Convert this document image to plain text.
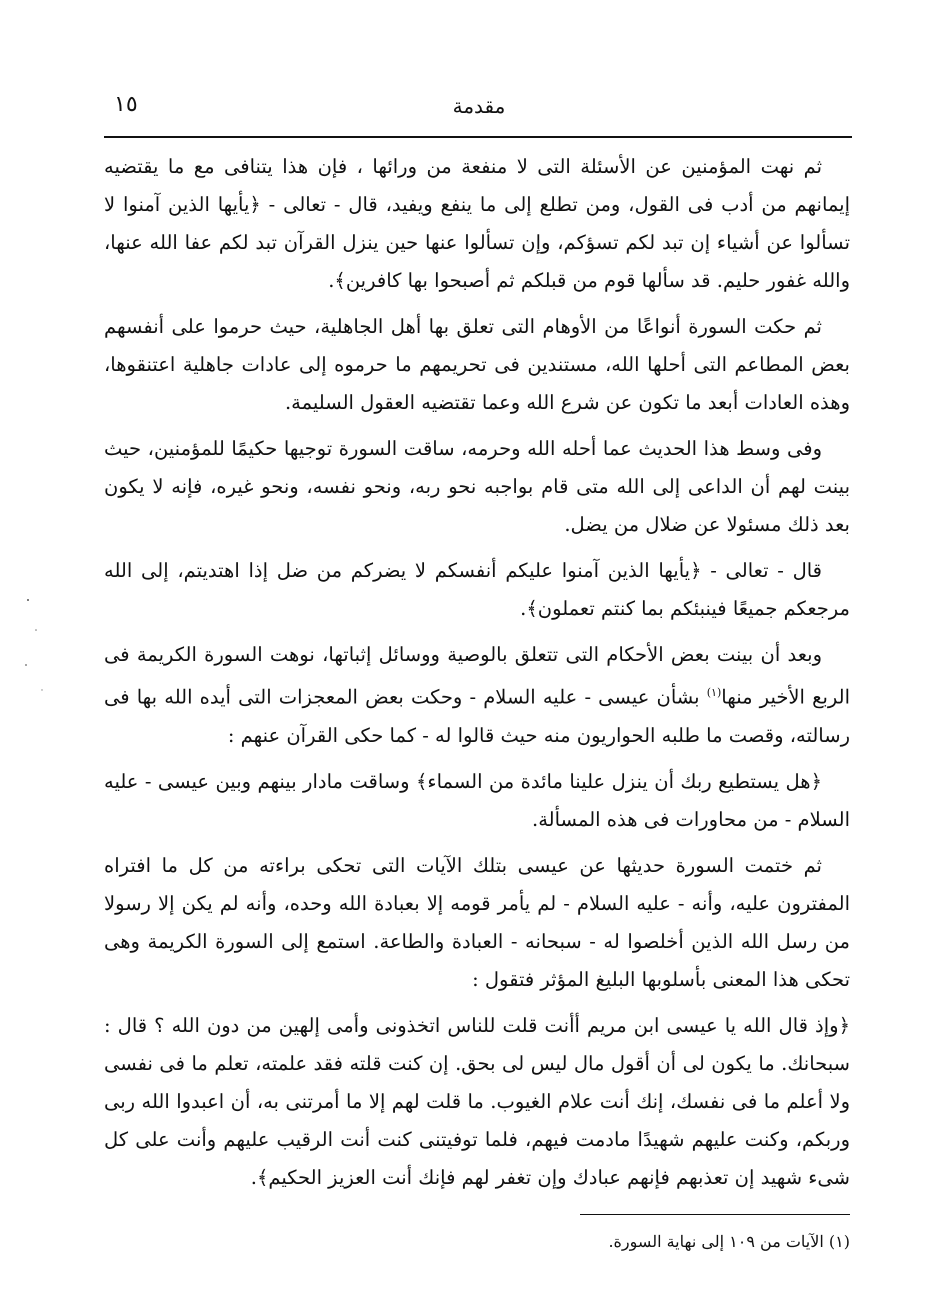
١٥	مقدمة

ثم نهت المؤمنين عن الأسئلة التى لا منفعة من ورائها ، فإن هذا يتنافى مع ما يقتضيه إيمانهم من أدب فى القول، ومن تطلع إلى ما ينفع ويفيد، قال - تعالى - ﴿يأيها الذين آمنوا لا تسألوا عن أشياء إن تبد لكم تسؤكم، وإن تسألوا عنها حين ينزل القرآن تبد لكم عفا الله عنها، والله غفور حليم. قد سألها قوم من قبلكم ثم أصبحوا بها كافرين﴾.

ثم حكت السورة أنواعًا من الأوهام التى تعلق بها أهل الجاهلية، حيث حرموا على أنفسهم بعض المطاعم التى أحلها الله، مستندين فى تحريمهم ما حرموه إلى عادات جاهلية اعتنقوها، وهذه العادات أبعد ما تكون عن شرع الله وعما تقتضيه العقول السليمة.

وفى وسط هذا الحديث عما أحله الله وحرمه، ساقت السورة توجيها حكيمًا للمؤمنين، حيث بينت لهم أن الداعى إلى الله متى قام بواجبه نحو ربه، ونحو نفسه، ونحو غيره، فإنه لا يكون بعد ذلك مسئولا عن ضلال من يضل.

قال - تعالى - ﴿يأيها الذين آمنوا عليكم أنفسكم لا يضركم من ضل إذا اهتديتم، إلى الله مرجعكم جميعًا فينبئكم بما كنتم تعملون﴾.

وبعد أن بينت بعض الأحكام التى تتعلق بالوصية ووسائل إثباتها، نوهت السورة الكريمة فى الربع الأخير منها$^{(١)}$ بشأن عيسى - عليه السلام - وحكت بعض المعجزات التى أيده الله بها فى رسالته، وقصت ما طلبه الحواريون منه حيث قالوا له - كما حكى القرآن عنهم :

﴿هل يستطيع ربك أن ينزل علينا مائدة من السماء﴾ وساقت مادار بينهم وبين عيسى - عليه السلام - من محاورات فى هذه المسألة.

ثم ختمت السورة حديثها عن عيسى بتلك الآيات التى تحكى براءته من كل ما افتراه المفترون عليه، وأنه - عليه السلام - لم يأمر قومه إلا بعبادة الله وحده، وأنه لم يكن إلا رسولا من رسل الله الذين أخلصوا له - سبحانه - العبادة والطاعة. استمع إلى السورة الكريمة وهى تحكى هذا المعنى بأسلوبها البليغ المؤثر فتقول :

﴿وإذ قال الله يا عيسى ابن مريم أأنت قلت للناس اتخذونى وأمى إلهين من دون الله ؟ قال : سبحانك. ما يكون لى أن أقول مال ليس لى بحق. إن كنت قلته فقد علمته، تعلم ما فى نفسى ولا أعلم ما فى نفسك، إنك أنت علام الغيوب. ما قلت لهم إلا ما أمرتنى به، أن اعبدوا الله ربى وربكم، وكنت عليهم شهيدًا مادمت فيهم، فلما توفيتنى كنت أنت الرقيب عليهم وأنت على كل شىء شهيد إن تعذبهم فإنهم عبادك وإن تغفر لهم فإنك أنت العزيز الحكيم﴾.

(١) الآيات من ١٠٩ إلى نهاية السورة.
